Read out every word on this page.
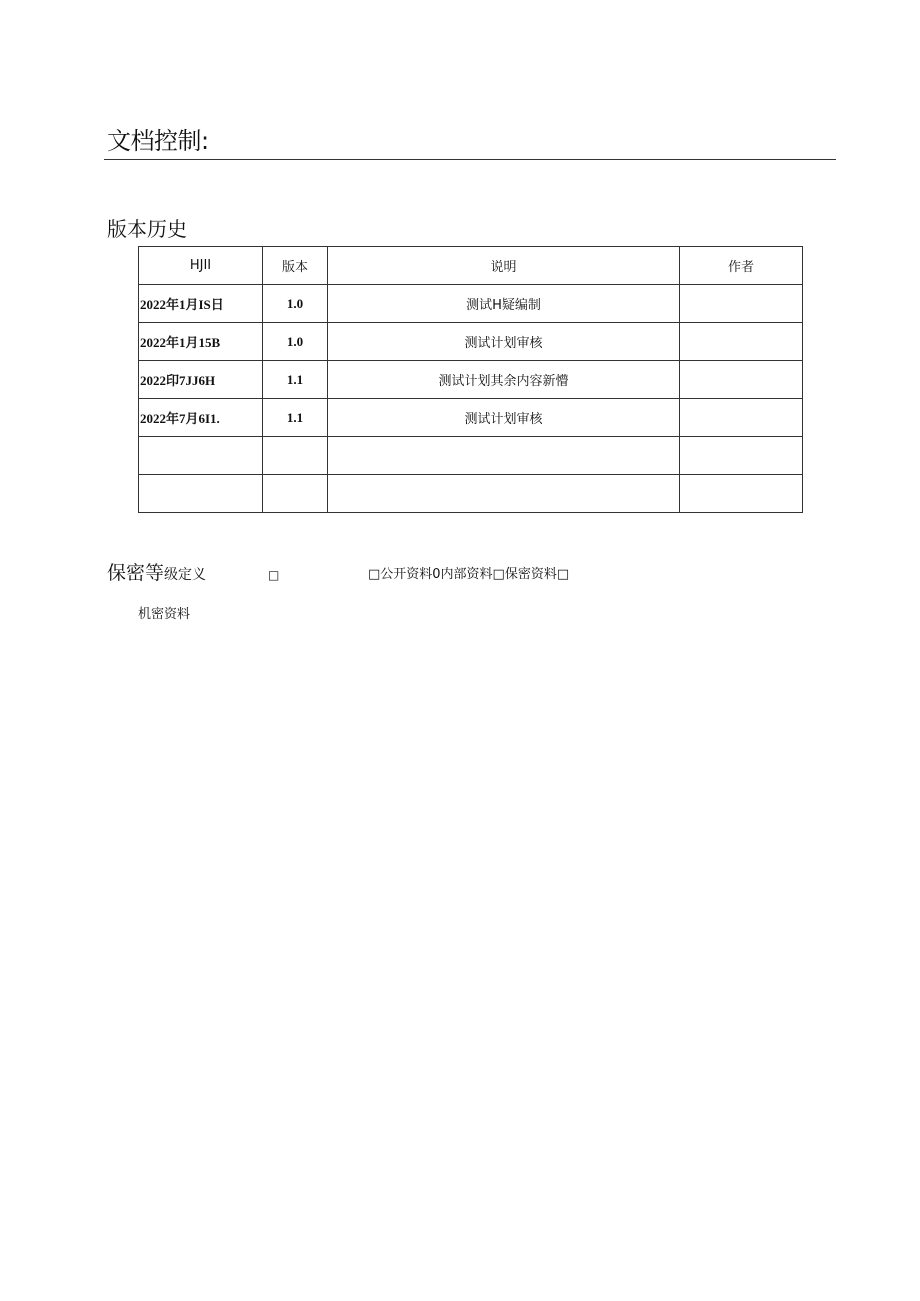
文档控制:
版本历史
HJII	版本	说明	作者
2022年1月IS日	1.0	测试H疑编制	
2022年1月15B	1.0	测试计划审核	
2022印7JJ6H	1.1	测试计划其余内容新懵	
2022年7月6I1.	1.1	测试计划审核	

保密等 级定义	□	□公开资料0内部资料□保密资料□
机密资料
